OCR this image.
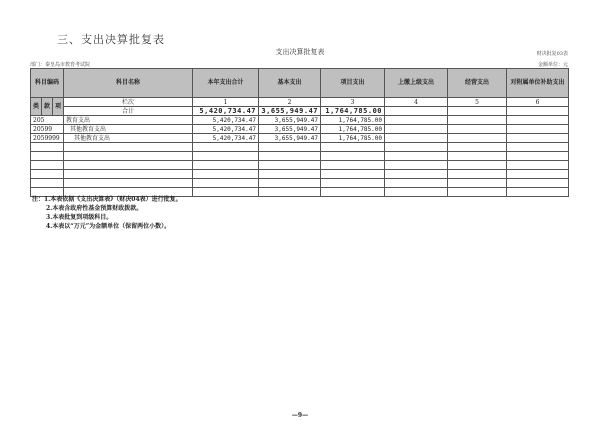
三、支出决算批复表
支出决算批复表	财决批复03表
部门：秦皇岛市教育考试院	金额单位：元
科目编码			科目名称	本年支出合计	基本支出	项目支出	上缴上级支出	经营支出	对附属单位补助支出
类	款	项	栏次	1	2	3	4	5	6
			合计	5,420,734.47	3,655,949.47	1,764,785.00			
205			教育支出	5,420,734.47	3,655,949.47	1,764,785.00			
20599			其他教育支出	5,420,734.47	3,655,949.47	1,764,785.00			
2059999			其他教育支出	5,420,734.47	3,655,949.47	1,764,785.00			

注：1.本表依据《支出决算表》（财决04表）进行批复。
2.本表含政府性基金预算财政拨款。
3.本表批复到项级科目。
4.本表以“万元”为金额单位（保留两位小数）。
—9—
